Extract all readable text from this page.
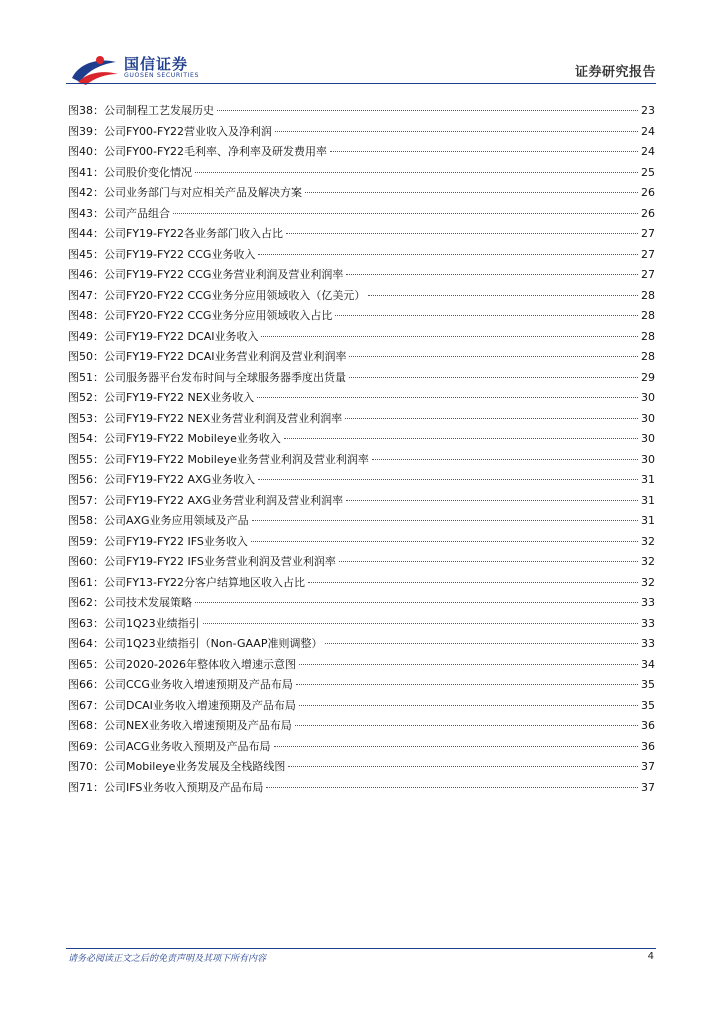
国信证券
GUOSEN SECURITIES	证券研究报告
图38： 公司制程工艺发展历史	23
图39： 公司FY00-FY22营业收入及净利润	24
图40： 公司FY00-FY22毛利率、净利率及研发费用率	24
图41： 公司股价变化情况	25
图42： 公司业务部门与对应相关产品及解决方案	26
图43： 公司产品组合	26
图44： 公司FY19-FY22各业务部门收入占比	27
图45： 公司FY19-FY22 CCG业务收入	27
图46： 公司FY19-FY22 CCG业务营业利润及营业利润率	27
图47： 公司FY20-FY22 CCG业务分应用领域收入（亿美元）	28
图48： 公司FY20-FY22 CCG业务分应用领域收入占比	28
图49： 公司FY19-FY22 DCAI业务收入	28
图50： 公司FY19-FY22 DCAI业务营业利润及营业利润率	28
图51： 公司服务器平台发布时间与全球服务器季度出货量	29
图52： 公司FY19-FY22 NEX业务收入	30
图53： 公司FY19-FY22 NEX业务营业利润及营业利润率	30
图54： 公司FY19-FY22 Mobileye业务收入	30
图55： 公司FY19-FY22 Mobileye业务营业利润及营业利润率	30
图56： 公司FY19-FY22 AXG业务收入	31
图57： 公司FY19-FY22 AXG业务营业利润及营业利润率	31
图58： 公司AXG业务应用领域及产品	31
图59： 公司FY19-FY22 IFS业务收入	32
图60： 公司FY19-FY22 IFS业务营业利润及营业利润率	32
图61： 公司FY13-FY22分客户结算地区收入占比	32
图62： 公司技术发展策略	33
图63： 公司1Q23业绩指引	33
图64： 公司1Q23业绩指引（Non-GAAP准则调整）	33
图65： 公司2020-2026年整体收入增速示意图	34
图66： 公司CCG业务收入增速预期及产品布局	35
图67： 公司DCAI业务收入增速预期及产品布局	35
图68： 公司NEX业务收入增速预期及产品布局	36
图69： 公司ACG业务收入预期及产品布局	36
图70： 公司Mobileye业务发展及全栈路线图	37
图71： 公司IFS业务收入预期及产品布局	37
请务必阅读正文之后的免责声明及其项下所有内容	4
